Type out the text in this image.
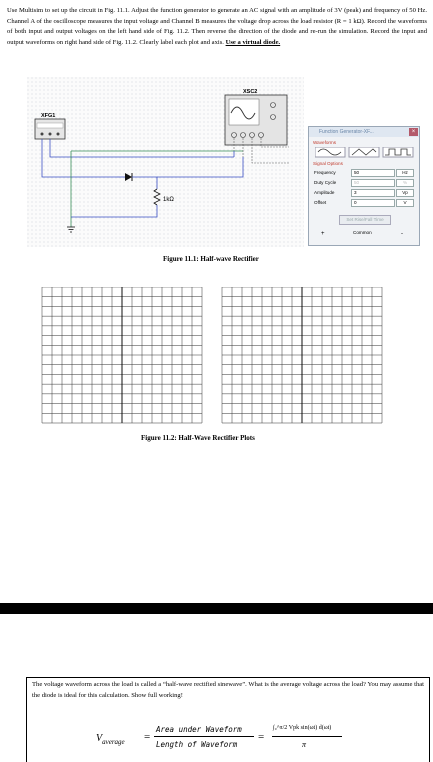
Use Multisim to set up the circuit in Fig. 11.1. Adjust the function generator to generate an AC signal with an amplitude of 3V (peak) and frequency of 50 Hz. Channel A of the oscilloscope measures the input voltage and Channel B measures the voltage drop across the load resistor (R = 1 kΩ). Record the waveforms of both input and output voltages on the left hand side of Fig. 11.2. Then reverse the direction of the diode and re-run the simulation. Record the input and output waveforms on right hand side of Fig. 11.2. Clearly label each plot and axis. Use a virtual diode.
XFG1
XSC2
1kΩ
Function Generator-XF...	×
Waveforms
Signal Options
Frequency	50	Hz
Duty Cycle	50	%
Amplitude	3	Vp
Offset	0	V
Set Rise/Fall Time
+	Common	-
Figure 11.1: Half-wave Rectifier
Figure 11.2: Half-Wave Rectifier Plots
The voltage waveform across the load is called a “half-wave rectified sinewave”. What is the average voltage across the load? You may assume that the diode is ideal for this calculation. Show full working!
$V_{average}$ =
Area under Waveform
Length of Waveform
=
∫₀^π/2 Vpk sin(ωt) d(ωt)
π
